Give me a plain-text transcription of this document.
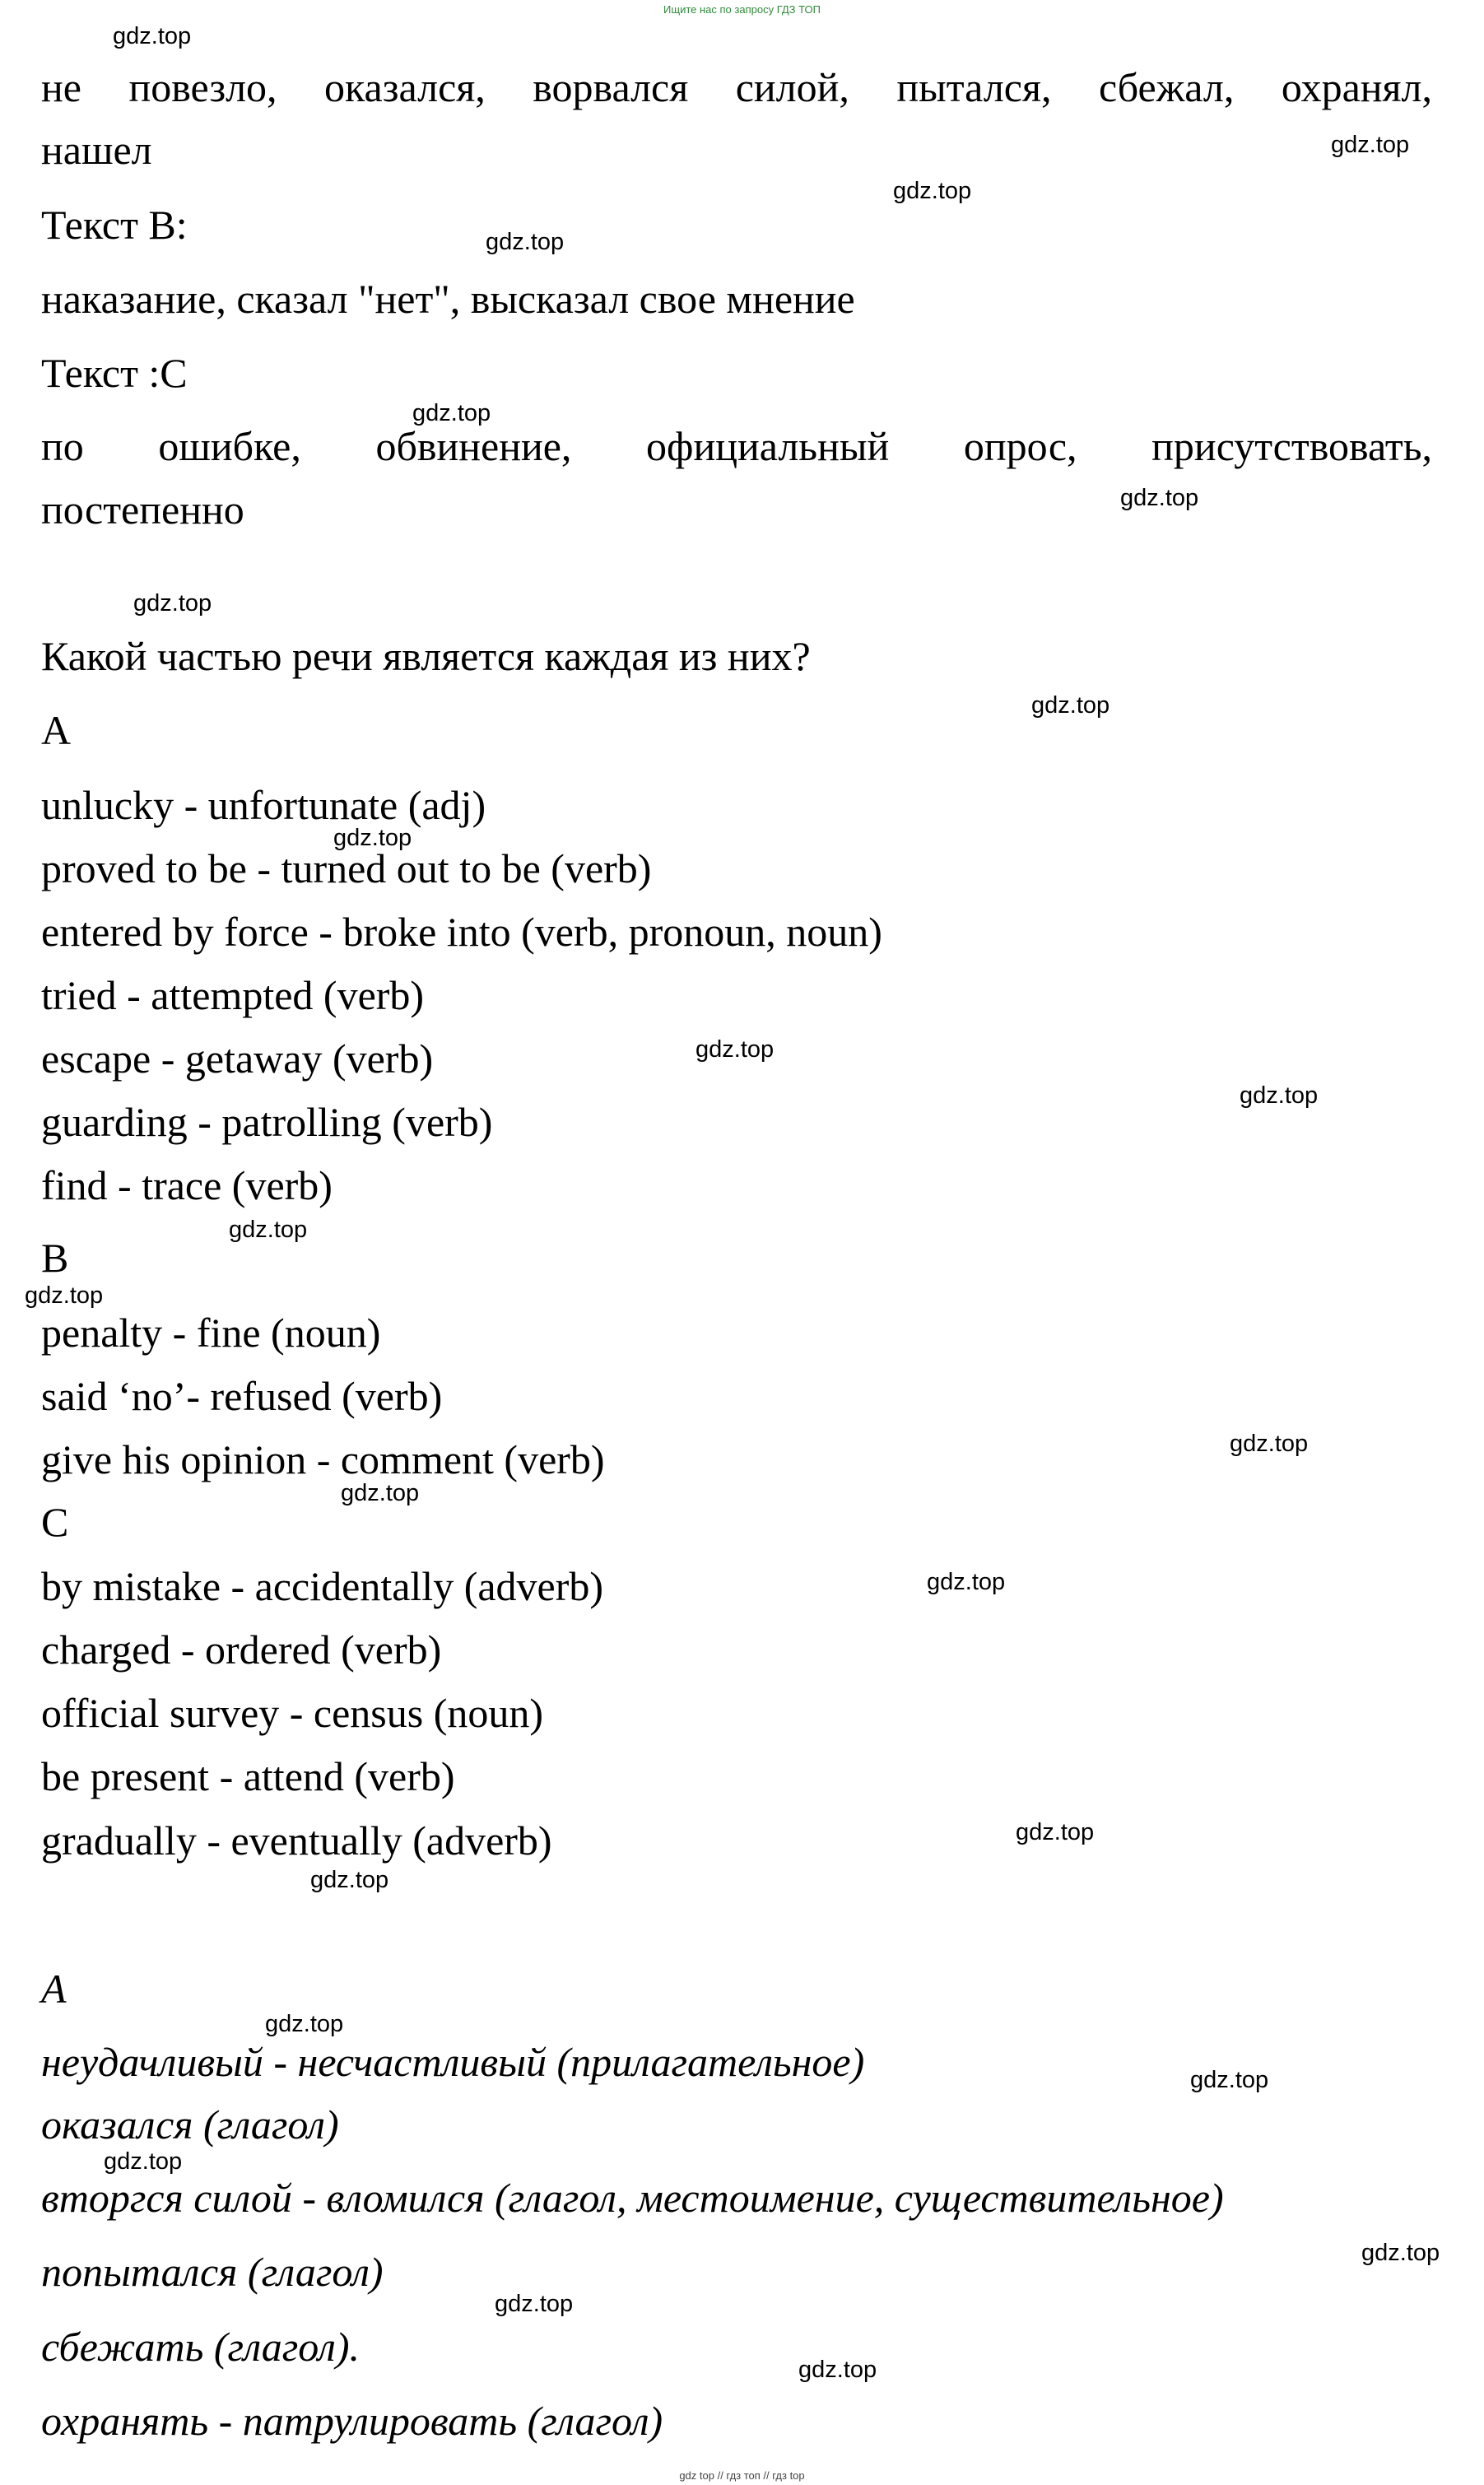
Ищите нас по запросу ГДЗ ТОП
не повезло, оказался, ворвался силой, пытался, сбежал, охранял,
нашел
Текст В:
наказание, сказал "нет", высказал свое мнение
Текст :С
по ошибке, обвинение, официальный опрос, присутствовать,
постепенно
Какой частью речи является каждая из них?
А
unlucky - unfortunate (adj)
proved to be - turned out to be (verb)
entered by force - broke into (verb, pronoun, noun)
tried - attempted (verb)
escape - getaway (verb)
guarding - patrolling (verb)
find - trace (verb)
B
penalty - fine (noun)
said ‘no’- refused (verb)
give his opinion - comment (verb)
C
by mistake - accidentally (adverb)
charged - ordered (verb)
official survey - census (noun)
be present - attend (verb)
gradually - eventually (adverb)
A
неудачливый - несчастливый (прилагательное)
оказался (глагол)
вторгся силой - вломился (глагол, местоимение, существительное)
попытался (глагол)
сбежать (глагол).
охранять - патрулировать (глагол)
gdz.top
gdz.top
gdz.top
gdz.top
gdz.top
gdz.top
gdz.top
gdz.top
gdz.top
gdz.top
gdz.top
gdz.top
gdz.top
gdz.top
gdz.top
gdz.top
gdz.top
gdz.top
gdz.top
gdz.top
gdz.top
gdz.top
gdz.top
gdz.top
gdz top // гдз топ // гдз top
